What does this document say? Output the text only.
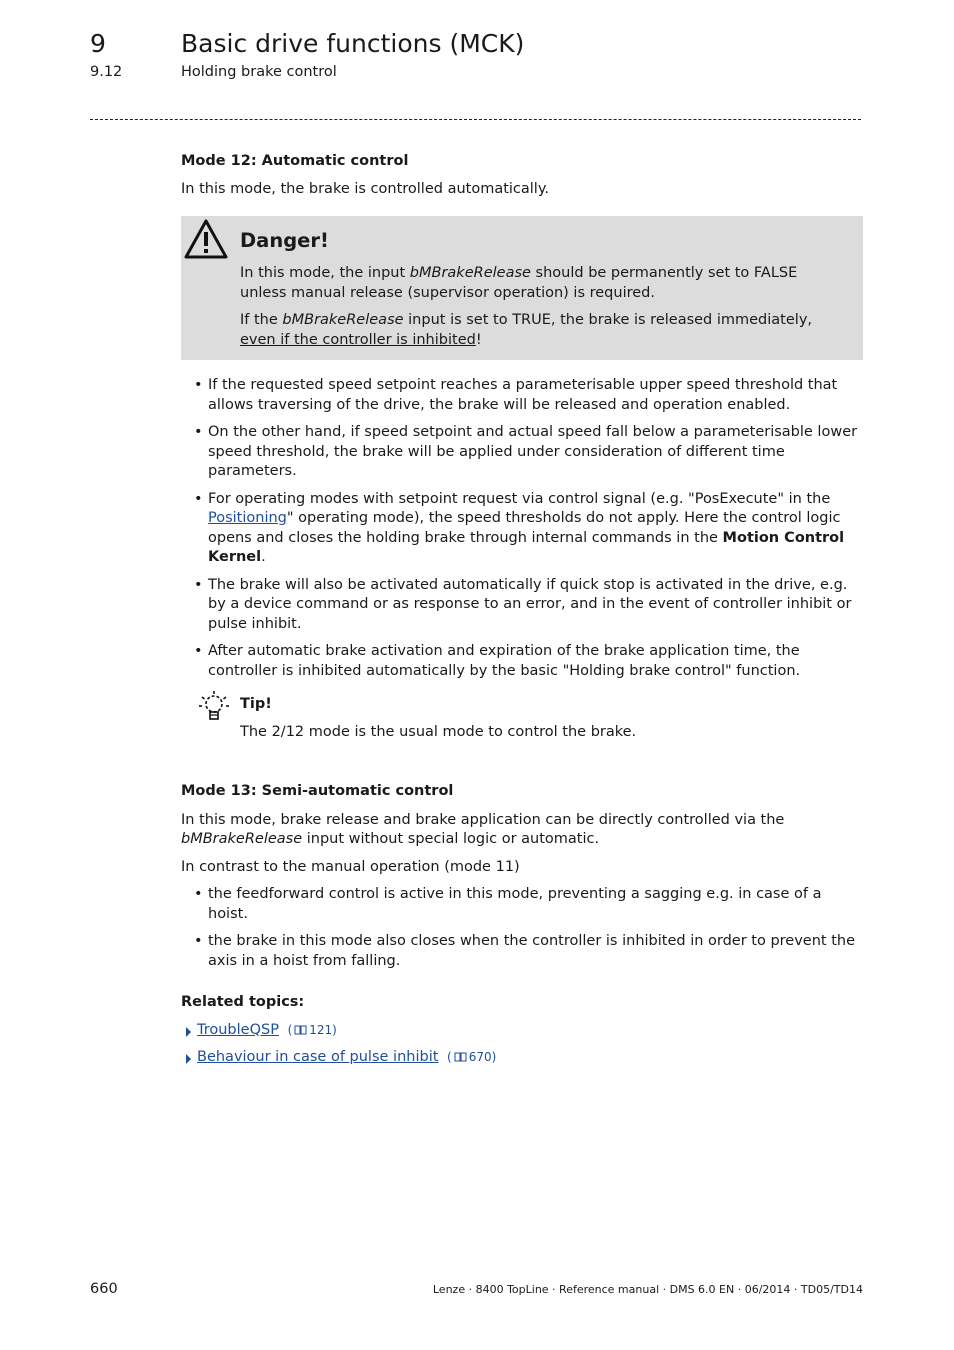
9	Basic drive functions (MCK)
9.12	Holding brake control

Mode 12: Automatic control

In this mode, the brake is controlled automatically.

Danger!

In this mode, the input bMBrakeRelease should be permanently set to FALSE unless manual release (supervisor operation) is required.

If the bMBrakeRelease input is set to TRUE, the brake is released immediately, even if the controller is inhibited!

• If the requested speed setpoint reaches a parameterisable upper speed threshold that allows traversing of the drive, the brake will be released and operation enabled.
• On the other hand, if speed setpoint and actual speed fall below a parameterisable lower speed threshold, the brake will be applied under consideration of different time parameters.
• For operating modes with setpoint request via control signal (e.g. "PosExecute" in the Positioning" operating mode), the speed thresholds do not apply. Here the control logic opens and closes the holding brake through internal commands in the Motion Control Kernel.
• The brake will also be activated automatically if quick stop is activated in the drive, e.g. by a device command or as response to an error, and in the event of controller inhibit or pulse inhibit.
• After automatic brake activation and expiration of the brake application time, the controller is inhibited automatically by the basic "Holding brake control" function.
Tip!

The 2/12 mode is the usual mode to control the brake.

Mode 13: Semi-automatic control

In this mode, brake release and brake application can be directly controlled via the bMBrakeRelease input without special logic or automatic.

In contrast to the manual operation (mode 11)

• the feedforward control is active in this mode, preventing a sagging e.g. in case of a hoist.
• the brake in this mode also closes when the controller is inhibited in order to prevent the axis in a hoist from falling.

Related topics:

TroubleQSP ( 121)
Behaviour in case of pulse inhibit ( 670)
660	Lenze · 8400 TopLine · Reference manual · DMS 6.0 EN · 06/2014 · TD05/TD14
